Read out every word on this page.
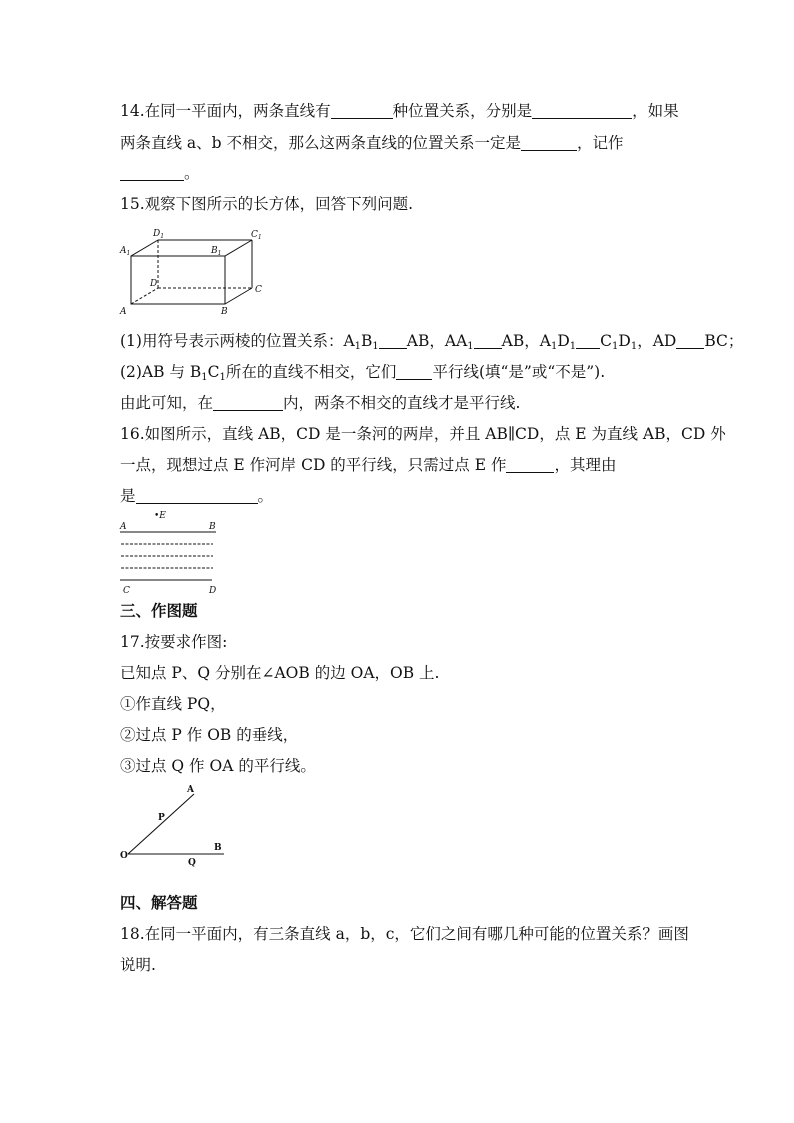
14.在同一平面内，两条直线有	种位置关系，分别是	，如果
两条直线 a、b 不相交，那么这两条直线的位置关系一定是	，记作
。
15.观察下图所示的长方体，回答下列问题.
$A_1$
$D_1$
$B_1$
$C_1$
D
C
A	B
(1)用符号表示两棱的位置关系：$A_1B_1$ AB，$AA_1$ AB，$A_1D_1$ $C_1D_1$，AD BC；
(2)AB 与 $B_1C_1$所在的直线不相交，它们 平行线(填“是”或“不是”).
由此可知，在	内，两条不相交的直线才是平行线.
16.如图所示，直线 AB，CD 是一条河的两岸，并且 AB∥CD，点 E 为直线 AB，CD 外
一点，现想过点 E 作河岸 CD 的平行线，只需过点 E 作	，其理由
是	。
•E
A	B
C	D
三、作图题
17.按要求作图:
已知点 P、Q 分别在∠AOB 的边 OA，OB 上.
①作直线 PQ，
②过点 P 作 OB 的垂线，
③过点 Q 作 OA 的平行线。
A
P
O
Q
B
四、解答题
18.在同一平面内，有三条直线 a，b，c，它们之间有哪几种可能的位置关系？画图
说明.
